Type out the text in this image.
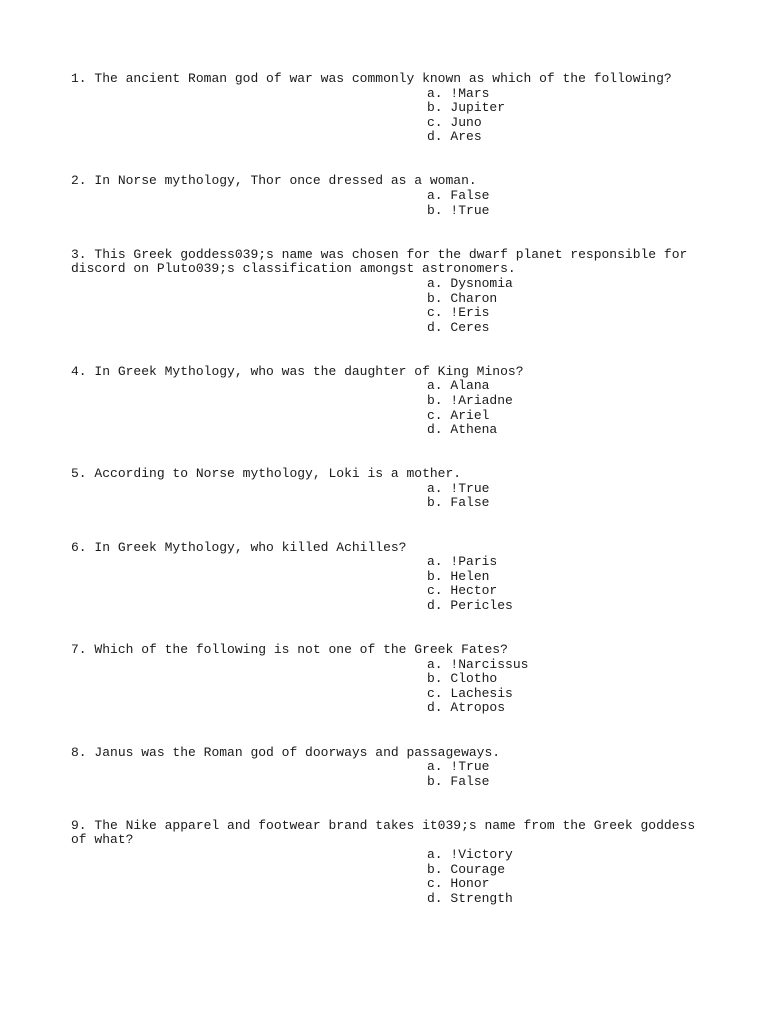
1. The ancient Roman god of war was commonly known as which of the following?

a. !Mars
b. Jupiter
c. Juno
d. Ares

2. In Norse mythology, Thor once dressed as a woman.

a. False
b. !True

3. This Greek goddess039;s name was chosen for the dwarf planet responsible for discord on Pluto039;s classification amongst astronomers.

a. Dysnomia
b. Charon
c. !Eris
d. Ceres

4. In Greek Mythology, who was the daughter of King Minos?

a. Alana
b. !Ariadne
c. Ariel
d. Athena

5. According to Norse mythology, Loki is a mother.

a. !True
b. False

6. In Greek Mythology, who killed Achilles?

a. !Paris
b. Helen
c. Hector
d. Pericles

7. Which of the following is not one of the Greek Fates?

a. !Narcissus
b. Clotho
c. Lachesis
d. Atropos

8. Janus was the Roman god of doorways and passageways.

a. !True
b. False

9. The Nike apparel and footwear brand takes it039;s name from the Greek goddess of what?

a. !Victory
b. Courage
c. Honor
d. Strength
